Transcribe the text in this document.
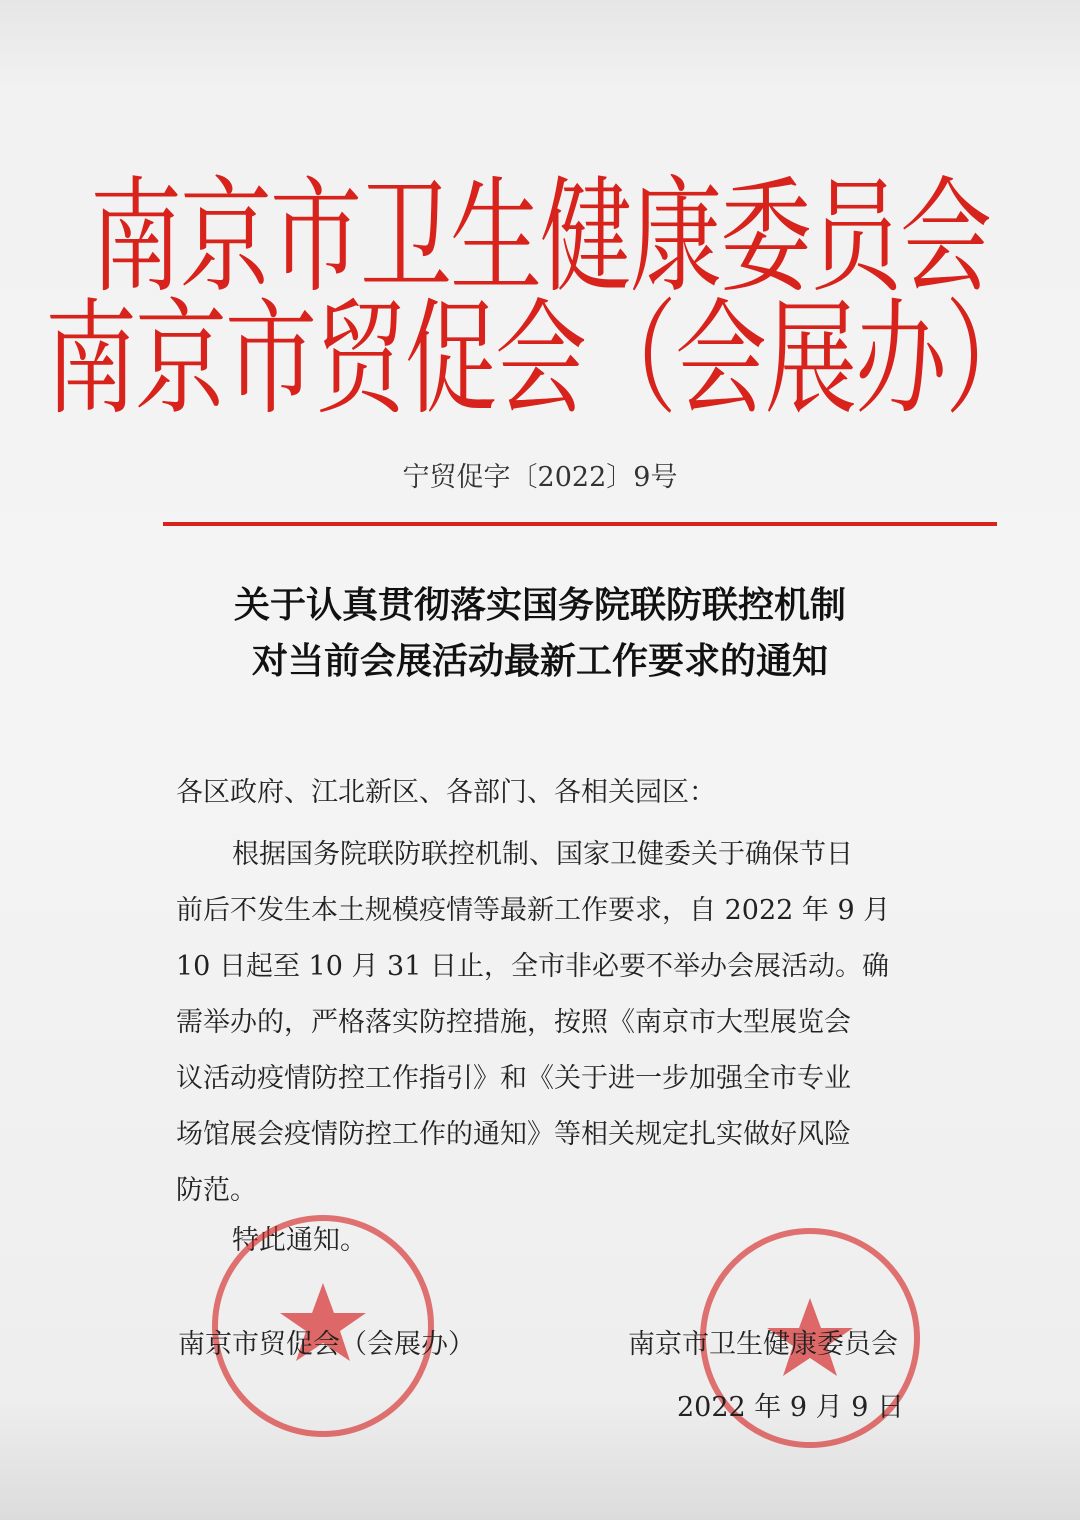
南京市卫生健康委员会
南京市贸促会（会展办）
宁贸促字〔2022〕9号
关于认真贯彻落实国务院联防联控机制
对当前会展活动最新工作要求的通知
各区政府、江北新区、各部门、各相关园区：
根据国务院联防联控机制、国家卫健委关于确保节日
前后不发生本土规模疫情等最新工作要求，自 2022 年 9 月
10 日起至 10 月 31 日止，全市非必要不举办会展活动。确
需举办的，严格落实防控措施，按照《南京市大型展览会
议活动疫情防控工作指引》和《关于进一步加强全市专业
场馆展会疫情防控工作的通知》等相关规定扎实做好风险
防范。
特此通知。
南京市贸促会（会展办）	南京市卫生健康委员会
2022 年 9 月 9 日
